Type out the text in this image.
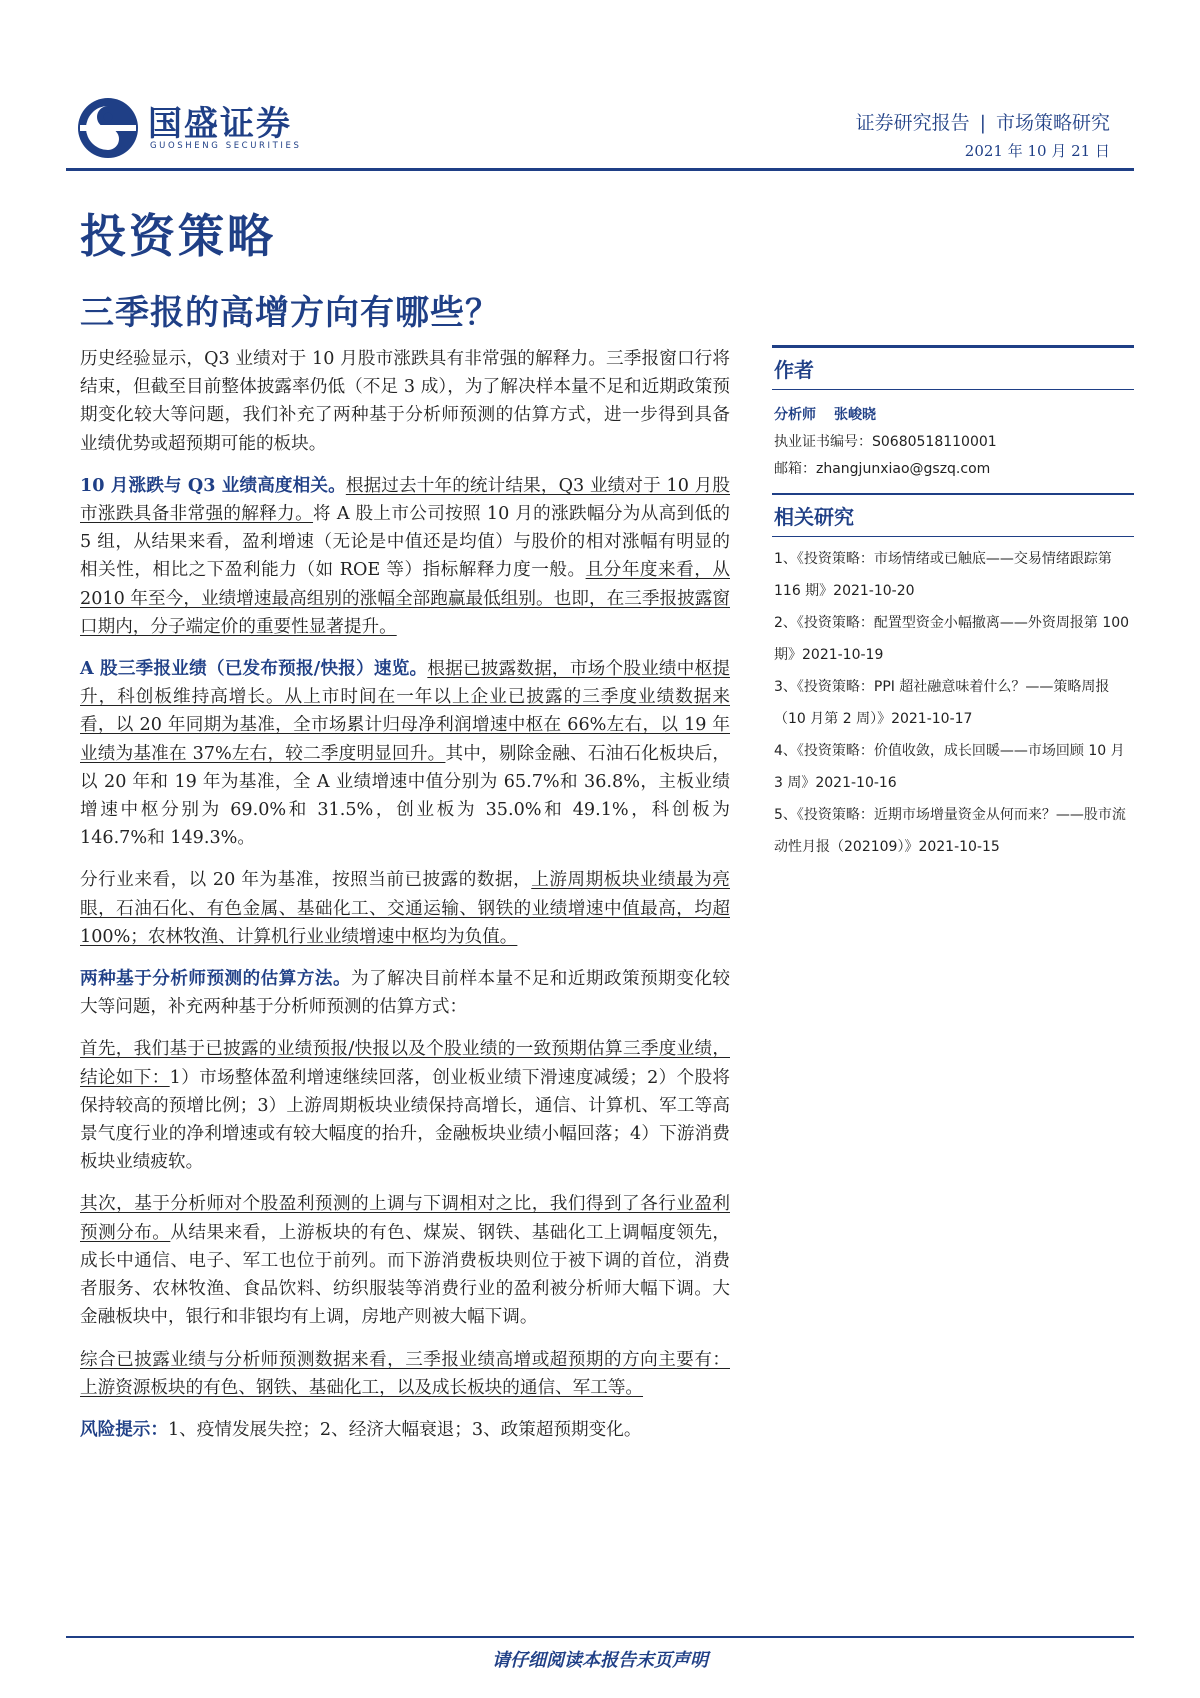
国盛证券
GUOSHENG SECURITIES
证券研究报告 | 市场策略研究
2021 年 10 月 21 日
投资策略
三季报的高增方向有哪些？

历史经验显示，Q3 业绩对于 10 月股市涨跌具有非常强的解释力。三季报窗口行将结束，但截至目前整体披露率仍低（不足 3 成），为了解决样本量不足和近期政策预期变化较大等问题，我们补充了两种基于分析师预测的估算方式，进一步得到具备业绩优势或超预期可能的板块。

10 月涨跌与 Q3 业绩高度相关。根据过去十年的统计结果，Q3 业绩对于 10 月股市涨跌具备非常强的解释力。将 A 股上市公司按照 10 月的涨跌幅分为从高到低的 5 组，从结果来看，盈利增速（无论是中值还是均值）与股价的相对涨幅有明显的相关性，相比之下盈利能力（如 ROE 等）指标解释力度一般。且分年度来看，从 2010 年至今，业绩增速最高组别的涨幅全部跑赢最低组别。也即，在三季报披露窗口期内，分子端定价的重要性显著提升。

A 股三季报业绩（已发布预报/快报）速览。根据已披露数据，市场个股业绩中枢提升，科创板维持高增长。从上市时间在一年以上企业已披露的三季度业绩数据来看，以 20 年同期为基准，全市场累计归母净利润增速中枢在 66%左右，以 19 年业绩为基准在 37%左右，较二季度明显回升。其中，剔除金融、石油石化板块后，以 20 年和 19 年为基准，全 A 业绩增速中值分别为 65.7%和 36.8%，主板业绩增速中枢分别为 69.0%和 31.5%，创业板为 35.0%和 49.1%，科创板为 146.7%和 149.3%。

分行业来看，以 20 年为基准，按照当前已披露的数据，上游周期板块业绩最为亮眼，石油石化、有色金属、基础化工、交通运输、钢铁的业绩增速中值最高，均超 100%；农林牧渔、计算机行业业绩增速中枢均为负值。

两种基于分析师预测的估算方法。为了解决目前样本量不足和近期政策预期变化较大等问题，补充两种基于分析师预测的估算方式：

首先，我们基于已披露的业绩预报/快报以及个股业绩的一致预期估算三季度业绩，结论如下：1）市场整体盈利增速继续回落，创业板业绩下滑速度减缓；2）个股将保持较高的预增比例；3）上游周期板块业绩保持高增长，通信、计算机、军工等高景气度行业的净利增速或有较大幅度的抬升，金融板块业绩小幅回落；4）下游消费板块业绩疲软。

其次，基于分析师对个股盈利预测的上调与下调相对之比，我们得到了各行业盈利预测分布。从结果来看，上游板块的有色、煤炭、钢铁、基础化工上调幅度领先，成长中通信、电子、军工也位于前列。而下游消费板块则位于被下调的首位，消费者服务、农林牧渔、食品饮料、纺织服装等消费行业的盈利被分析师大幅下调。大金融板块中，银行和非银均有上调，房地产则被大幅下调。

综合已披露业绩与分析师预测数据来看，三季报业绩高增或超预期的方向主要有：上游资源板块的有色、钢铁、基础化工，以及成长板块的通信、军工等。

风险提示：1、疫情发展失控；2、经济大幅衰退；3、政策超预期变化。

作者
分析师 张峻晓
执业证书编号：S0680518110001
邮箱：zhangjunxiao@gszq.com
相关研究
1、《投资策略：市场情绪或已触底——交易情绪跟踪第 116 期》2021-10-20
2、《投资策略：配置型资金小幅撤离——外资周报第 100 期》2021-10-19
3、《投资策略：PPI 超社融意味着什么？——策略周报（10 月第 2 周）》2021-10-17
4、《投资策略：价值收敛，成长回暖——市场回顾 10 月 3 周》2021-10-16
5、《投资策略：近期市场增量资金从何而来？——股市流动性月报（202109）》2021-10-15
请仔细阅读本报告末页声明
